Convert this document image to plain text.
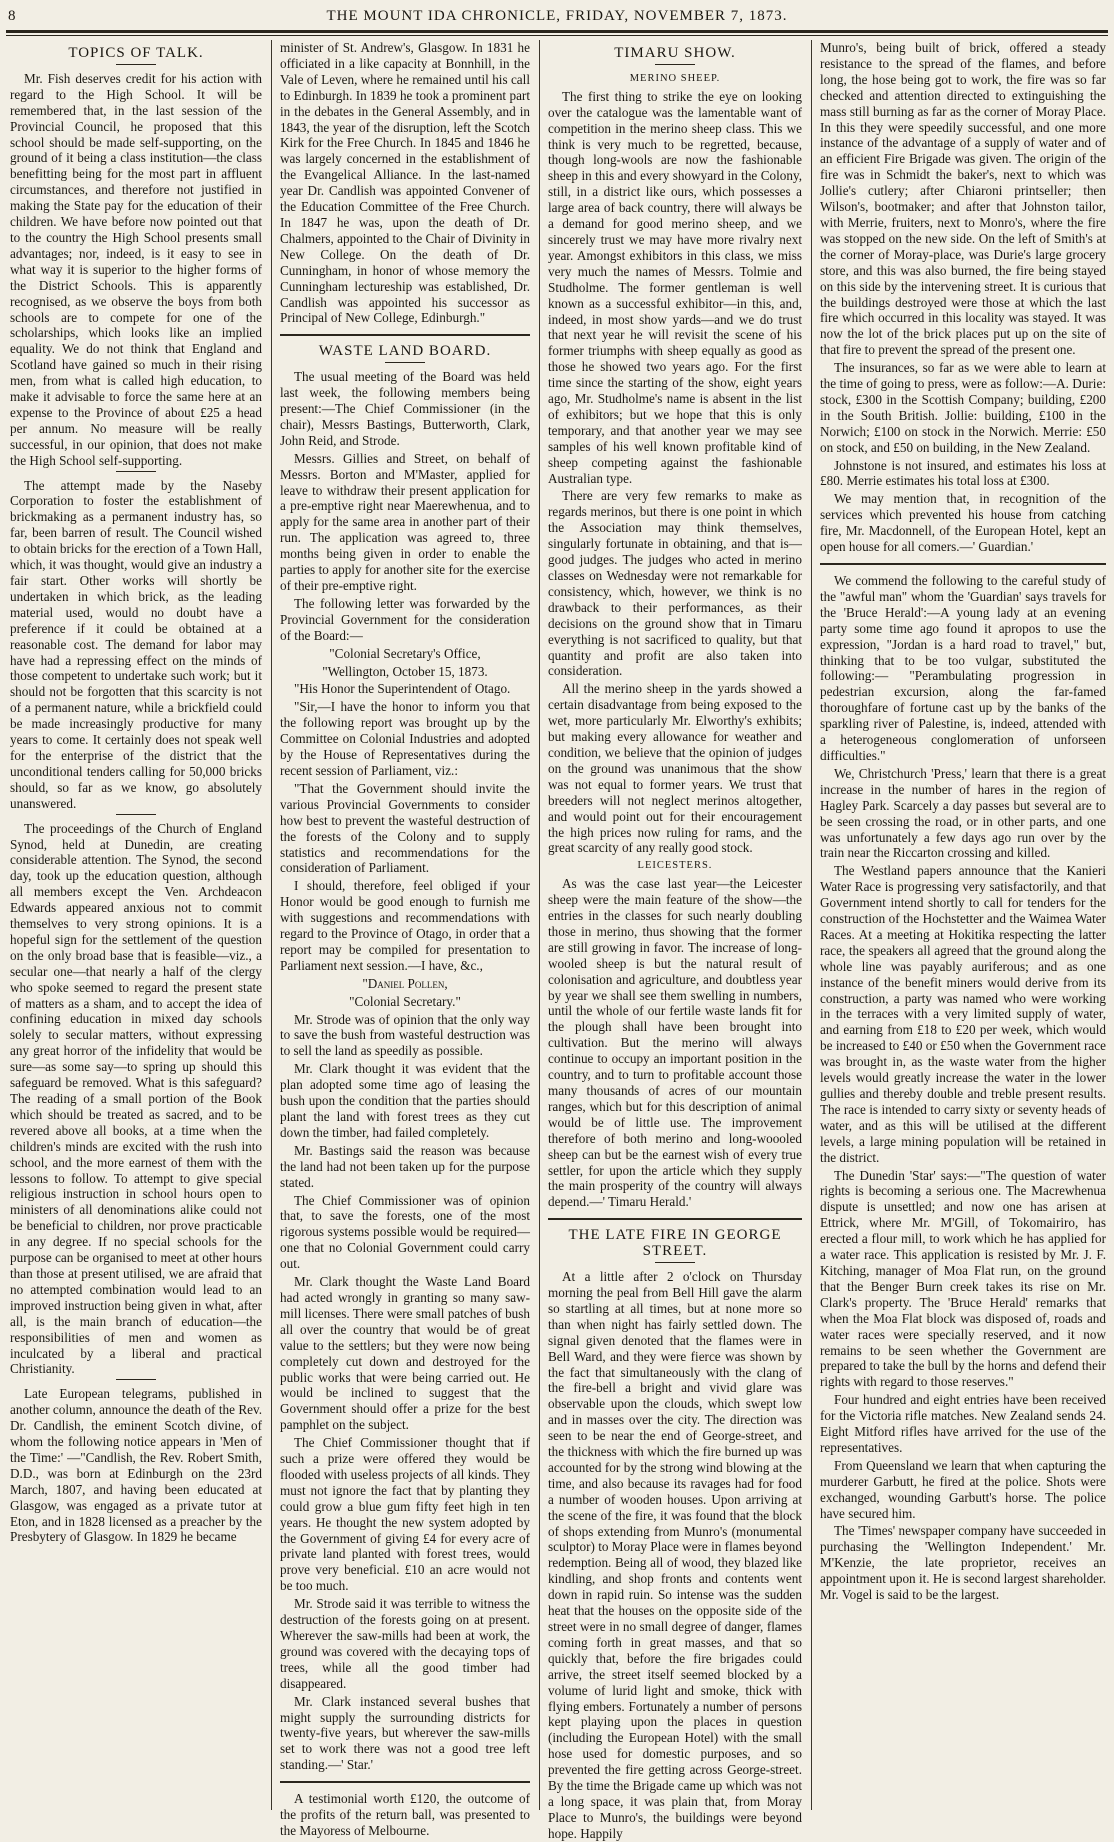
8	THE MOUNT IDA CHRONICLE, FRIDAY, NOVEMBER 7, 1873.

TOPICS OF TALK.

Mr. Fish deserves credit for his action with regard to the High School. It will be remembered that, in the last session of the Provincial Council, he proposed that this school should be made self-supporting, on the ground of it being a class institution—the class benefitting being for the most part in affluent circumstances, and therefore not justified in making the State pay for the education of their children. We have before now pointed out that to the country the High School presents small advantages; nor, indeed, is it easy to see in what way it is superior to the higher forms of the District Schools. This is apparently recognised, as we observe the boys from both schools are to compete for one of the scholarships, which looks like an implied equality. We do not think that England and Scotland have gained so much in their rising men, from what is called high education, to make it advisable to force the same here at an expense to the Province of about £25 a head per annum. No measure will be really successful, in our opinion, that does not make the High School self-supporting.

The attempt made by the Naseby Corporation to foster the establishment of brickmaking as a permanent industry has, so far, been barren of result. The Council wished to obtain bricks for the erection of a Town Hall, which, it was thought, would give an industry a fair start. Other works will shortly be undertaken in which brick, as the leading material used, would no doubt have a preference if it could be obtained at a reasonable cost. The demand for labor may have had a repressing effect on the minds of those competent to undertake such work; but it should not be forgotten that this scarcity is not of a permanent nature, while a brickfield could be made increasingly productive for many years to come. It certainly does not speak well for the enterprise of the district that the unconditional tenders calling for 50,000 bricks should, so far as we know, go absolutely unanswered.

The proceedings of the Church of England Synod, held at Dunedin, are creating considerable attention. The Synod, the second day, took up the education question, although all members except the Ven. Archdeacon Edwards appeared anxious not to commit themselves to very strong opinions. It is a hopeful sign for the settlement of the question on the only broad base that is feasible—viz., a secular one—that nearly a half of the clergy who spoke seemed to regard the present state of matters as a sham, and to accept the idea of confining education in mixed day schools solely to secular matters, without expressing any great horror of the infidelity that would be sure—as some say—to spring up should this safeguard be removed. What is this safeguard? The reading of a small portion of the Book which should be treated as sacred, and to be revered above all books, at a time when the children's minds are excited with the rush into school, and the more earnest of them with the lessons to follow. To attempt to give special religious instruction in school hours open to ministers of all denominations alike could not be beneficial to children, nor prove practicable in any degree. If no special schools for the purpose can be organised to meet at other hours than those at present utilised, we are afraid that no attempted combination would lead to an improved instruction being given in what, after all, is the main branch of education—the responsibilities of men and women as inculcated by a liberal and practical Christianity.

Late European telegrams, published in another column, announce the death of the Rev. Dr. Candlish, the eminent Scotch divine, of whom the following notice appears in 'Men of the Time:' —"Candlish, the Rev. Robert Smith, D.D., was born at Edinburgh on the 23rd March, 1807, and having been educated at Glasgow, was engaged as a private tutor at Eton, and in 1828 licensed as a preacher by the Presbytery of Glasgow. In 1829 he became

minister of St. Andrew's, Glasgow. In 1831 he officiated in a like capacity at Bonnhill, in the Vale of Leven, where he remained until his call to Edinburgh. In 1839 he took a prominent part in the debates in the General Assembly, and in 1843, the year of the disruption, left the Scotch Kirk for the Free Church. In 1845 and 1846 he was largely concerned in the establishment of the Evangelical Alliance. In the last-named year Dr. Candlish was appointed Convener of the Education Committee of the Free Church. In 1847 he was, upon the death of Dr. Chalmers, appointed to the Chair of Divinity in New College. On the death of Dr. Cunningham, in honor of whose memory the Cunningham lectureship was established, Dr. Candlish was appointed his successor as Principal of New College, Edinburgh."

WASTE LAND BOARD.

The usual meeting of the Board was held last week, the following members being present:—The Chief Commissioner (in the chair), Messrs Bastings, Butterworth, Clark, John Reid, and Strode.

Messrs. Gillies and Street, on behalf of Messrs. Borton and M'Master, applied for leave to withdraw their present application for a pre-emptive right near Maerewhenua, and to apply for the same area in another part of their run. The application was agreed to, three months being given in order to enable the parties to apply for another site for the exercise of their pre-emptive right.

The following letter was forwarded by the Provincial Government for the consideration of the Board:—

"Colonial Secretary's Office,

"Wellington, October 15, 1873.

"His Honor the Superintendent of Otago.

"Sir,—I have the honor to inform you that the following report was brought up by the Committee on Colonial Industries and adopted by the House of Representatives during the recent session of Parliament, viz.:

"That the Government should invite the various Provincial Governments to consider how best to prevent the wasteful destruction of the forests of the Colony and to supply statistics and recommendations for the consideration of Parliament.

I should, therefore, feel obliged if your Honor would be good enough to furnish me with suggestions and recommendations with regard to the Province of Otago, in order that a report may be compiled for presentation to Parliament next session.—I have, &c.,

"Daniel Pollen,

"Colonial Secretary."

Mr. Strode was of opinion that the only way to save the bush from wasteful destruction was to sell the land as speedily as possible.

Mr. Clark thought it was evident that the plan adopted some time ago of leasing the bush upon the condition that the parties should plant the land with forest trees as they cut down the timber, had failed completely.

Mr. Bastings said the reason was because the land had not been taken up for the purpose stated.

The Chief Commissioner was of opinion that, to save the forests, one of the most rigorous systems possible would be required—one that no Colonial Government could carry out.

Mr. Clark thought the Waste Land Board had acted wrongly in granting so many saw-mill licenses. There were small patches of bush all over the country that would be of great value to the settlers; but they were now being completely cut down and destroyed for the public works that were being carried out. He would be inclined to suggest that the Government should offer a prize for the best pamphlet on the subject.

The Chief Commissioner thought that if such a prize were offered they would be flooded with useless projects of all kinds. They must not ignore the fact that by planting they could grow a blue gum fifty feet high in ten years. He thought the new system adopted by the Government of giving £4 for every acre of private land planted with forest trees, would prove very beneficial. £10 an acre would not be too much.

Mr. Strode said it was terrible to witness the destruction of the forests going on at present. Wherever the saw-mills had been at work, the ground was covered with the decaying tops of trees, while all the good timber had disappeared.

Mr. Clark instanced several bushes that might supply the surrounding districts for twenty-five years, but wherever the saw-mills set to work there was not a good tree left standing.—' Star.'

A testimonial worth £120, the outcome of the profits of the return ball, was presented to the Mayoress of Melbourne.

TIMARU SHOW.

MERINO SHEEP.

The first thing to strike the eye on looking over the catalogue was the lamentable want of competition in the merino sheep class. This we think is very much to be regretted, because, though long-wools are now the fashionable sheep in this and every showyard in the Colony, still, in a district like ours, which possesses a large area of back country, there will always be a demand for good merino sheep, and we sincerely trust we may have more rivalry next year. Amongst exhibitors in this class, we miss very much the names of Messrs. Tolmie and Studholme. The former gentleman is well known as a successful exhibitor—in this, and, indeed, in most show yards—and we do trust that next year he will revisit the scene of his former triumphs with sheep equally as good as those he showed two years ago. For the first time since the starting of the show, eight years ago, Mr. Studholme's name is absent in the list of exhibitors; but we hope that this is only temporary, and that another year we may see samples of his well known profitable kind of sheep competing against the fashionable Australian type.

There are very few remarks to make as regards merinos, but there is one point in which the Association may think themselves, singularly fortunate in obtaining, and that is—good judges. The judges who acted in merino classes on Wednesday were not remarkable for consistency, which, however, we think is no drawback to their performances, as their decisions on the ground show that in Timaru everything is not sacrificed to quality, but that quantity and profit are also taken into consideration.

All the merino sheep in the yards showed a certain disadvantage from being exposed to the wet, more particularly Mr. Elworthy's exhibits; but making every allowance for weather and condition, we believe that the opinion of judges on the ground was unanimous that the show was not equal to former years. We trust that breeders will not neglect merinos altogether, and would point out for their encouragement the high prices now ruling for rams, and the great scarcity of any really good stock.

LEICESTERS.

As was the case last year—the Leicester sheep were the main feature of the show—the entries in the classes for such nearly doubling those in merino, thus showing that the former are still growing in favor. The increase of long-wooled sheep is but the natural result of colonisation and agriculture, and doubtless year by year we shall see them swelling in numbers, until the whole of our fertile waste lands fit for the plough shall have been brought into cultivation. But the merino will always continue to occupy an important position in the country, and to turn to profitable account those many thousands of acres of our mountain ranges, which but for this description of animal would be of little use. The improvement therefore of both merino and long-woooled sheep can but be the earnest wish of every true settler, for upon the article which they supply the main prosperity of the country will always depend.—' Timaru Herald.'

THE LATE FIRE IN GEORGE

STREET.

At a little after 2 o'clock on Thursday morning the peal from Bell Hill gave the alarm so startling at all times, but at none more so than when night has fairly settled down. The signal given denoted that the flames were in Bell Ward, and they were fierce was shown by the fact that simultaneously with the clang of the fire-bell a bright and vivid glare was observable upon the clouds, which swept low and in masses over the city. The direction was seen to be near the end of George-street, and the thickness with which the fire burned up was accounted for by the strong wind blowing at the time, and also because its ravages had for food a number of wooden houses. Upon arriving at the scene of the fire, it was found that the block of shops extending from Munro's (monumental sculptor) to Moray Place were in flames beyond redemption. Being all of wood, they blazed like kindling, and shop fronts and contents went down in rapid ruin. So intense was the sudden heat that the houses on the opposite side of the street were in no small degree of danger, flames coming forth in great masses, and that so quickly that, before the fire brigades could arrive, the street itself seemed blocked by a volume of lurid light and smoke, thick with flying embers. Fortunately a number of persons kept playing upon the places in question (including the European Hotel) with the small hose used for domestic purposes, and so prevented the fire getting across George-street. By the time the Brigade came up which was not a long space, it was plain that, from Moray Place to Munro's, the buildings were beyond hope. Happily

Munro's, being built of brick, offered a steady resistance to the spread of the flames, and before long, the hose being got to work, the fire was so far checked and attention directed to extinguishing the mass still burning as far as the corner of Moray Place. In this they were speedily successful, and one more instance of the advantage of a supply of water and of an efficient Fire Brigade was given. The origin of the fire was in Schmidt the baker's, next to which was Jollie's cutlery; after Chiaroni printseller; then Wilson's, bootmaker; and after that Johnston tailor, with Merrie, fruiters, next to Monro's, where the fire was stopped on the new side. On the left of Smith's at the corner of Moray-place, was Durie's large grocery store, and this was also burned, the fire being stayed on this side by the intervening street. It is curious that the buildings destroyed were those at which the last fire which occurred in this locality was stayed. It was now the lot of the brick places put up on the site of that fire to prevent the spread of the present one.

The insurances, so far as we were able to learn at the time of going to press, were as follow:—A. Durie: stock, £300 in the Scottish Company; building, £200 in the South British. Jollie: building, £100 in the Norwich; £100 on stock in the Norwich. Merrie: £50 on stock, and £50 on building, in the New Zealand.

Johnstone is not insured, and estimates his loss at £80. Merrie estimates his total loss at £300.

We may mention that, in recognition of the services which prevented his house from catching fire, Mr. Macdonnell, of the European Hotel, kept an open house for all comers.—' Guardian.'

We commend the following to the careful study of the "awful man" whom the 'Guardian' says travels for the 'Bruce Herald':—A young lady at an evening party some time ago found it apropos to use the expression, "Jordan is a hard road to travel," but, thinking that to be too vulgar, substituted the following:— "Perambulating progression in pedestrian excursion, along the far-famed thoroughfare of fortune cast up by the banks of the sparkling river of Palestine, is, indeed, attended with a heterogeneous conglomeration of unforseen difficulties."

We, Christchurch 'Press,' learn that there is a great increase in the number of hares in the region of Hagley Park. Scarcely a day passes but several are to be seen crossing the road, or in other parts, and one was unfortunately a few days ago run over by the train near the Riccarton crossing and killed.

The Westland papers announce that the Kanieri Water Race is progressing very satisfactorily, and that Government intend shortly to call for tenders for the construction of the Hochstetter and the Waimea Water Races. At a meeting at Hokitika respecting the latter race, the speakers all agreed that the ground along the whole line was payably auriferous; and as one instance of the benefit miners would derive from its construction, a party was named who were working in the terraces with a very limited supply of water, and earning from £18 to £20 per week, which would be increased to £40 or £50 when the Government race was brought in, as the waste water from the higher levels would greatly increase the water in the lower gullies and thereby double and treble present results. The race is intended to carry sixty or seventy heads of water, and as this will be utilised at the different levels, a large mining population will be retained in the district.

The Dunedin 'Star' says:—"The question of water rights is becoming a serious one. The Macrewhenua dispute is unsettled; and now one has arisen at Ettrick, where Mr. M'Gill, of Tokomairiro, has erected a flour mill, to work which he has applied for a water race. This application is resisted by Mr. J. F. Kitching, manager of Moa Flat run, on the ground that the Benger Burn creek takes its rise on Mr. Clark's property. The 'Bruce Herald' remarks that when the Moa Flat block was disposed of, roads and water races were specially reserved, and it now remains to be seen whether the Government are prepared to take the bull by the horns and defend their rights with regard to those reserves."

Four hundred and eight entries have been received for the Victoria rifle matches. New Zealand sends 24. Eight Mitford rifles have arrived for the use of the representatives.

From Queensland we learn that when capturing the murderer Garbutt, he fired at the police. Shots were exchanged, wounding Garbutt's horse. The police have secured him.

The 'Times' newspaper company have succeeded in purchasing the 'Wellington Independent.' Mr. M'Kenzie, the late proprietor, receives an appointment upon it. He is second largest shareholder. Mr. Vogel is said to be the largest.
